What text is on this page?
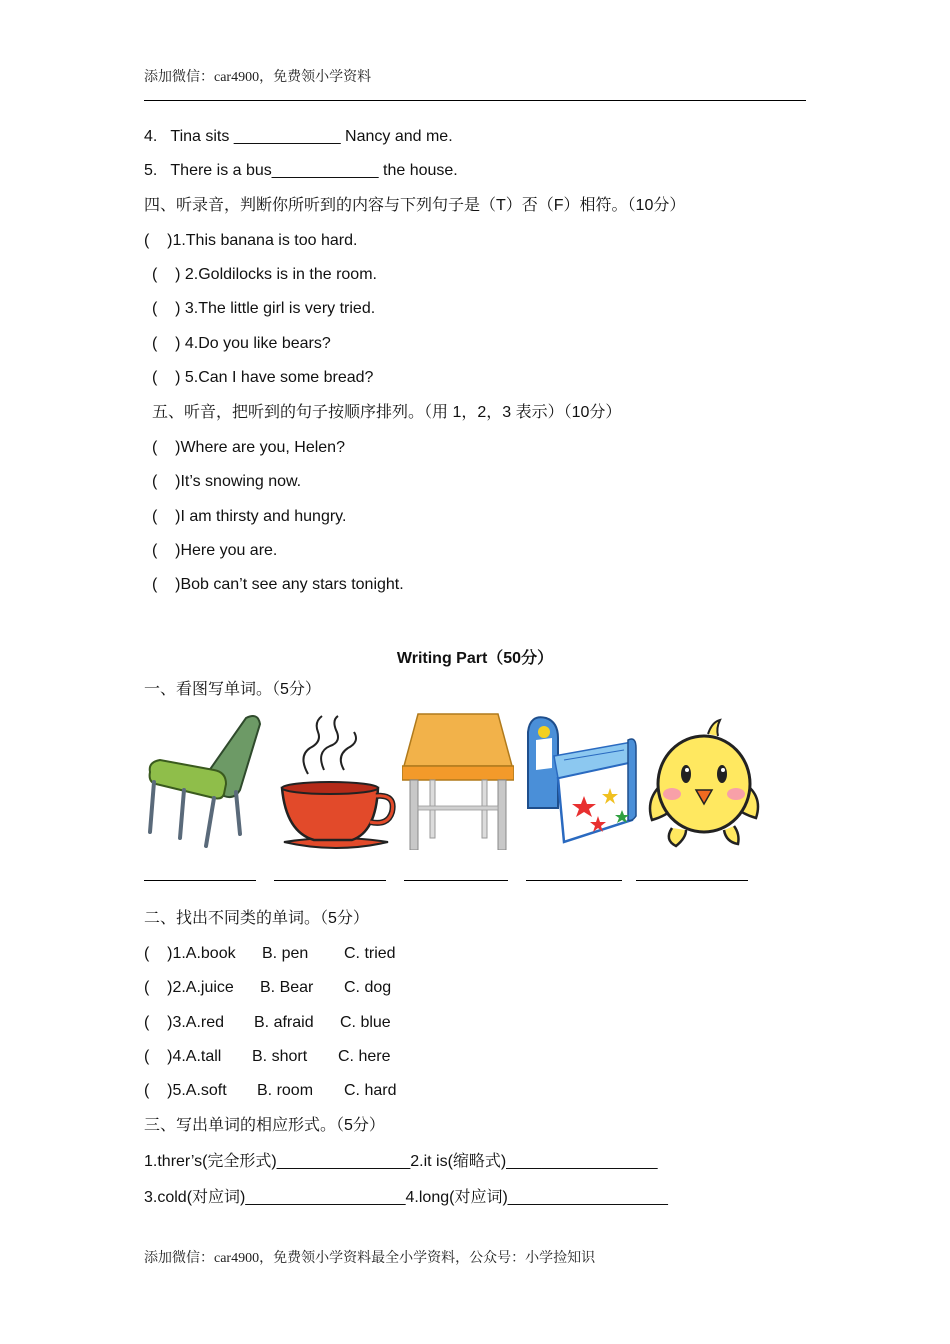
添加微信：car4900，免费领小学资料
4.   Tina sits ____________ Nancy and me.
5.   There is a bus____________ the house.
四、听录音，判断你所听到的内容与下列句子是（T）否（F）相符。（10分）
(    )1.This banana is too hard.
(    ) 2.Goldilocks is in the room.
(    ) 3.The little girl is very tried.
(    ) 4.Do you like bears?
(    ) 5.Can I have some bread?
五、听音，把听到的句子按顺序排列。（用 1，2，3 表示）（10分）
(    )Where are you, Helen?
(    )It’s snowing now.
(    )I am thirsty and hungry.
(    )Here you are.
(    )Bob can’t see any stars tonight.
Writing Part（50分）
一、看图写单词。（5分）
二、找出不同类的单词。（5分）
(    )1.A.book B. pen C. tried
(    )2.A.juice B. Bear C. dog
(    )3.A.red B. afraid C. blue
(    )4.A.tall B. short C. here
(    )5.A.soft B. room C. hard
三、写出单词的相应形式。（5分）
1.threr’s(完全形式)_______________2.it is(缩略式)_________________
3.cold(对应词)__________________4.long(对应词)__________________
添加微信：car4900，免费领小学资料最全小学资料，公众号：小学捡知识
